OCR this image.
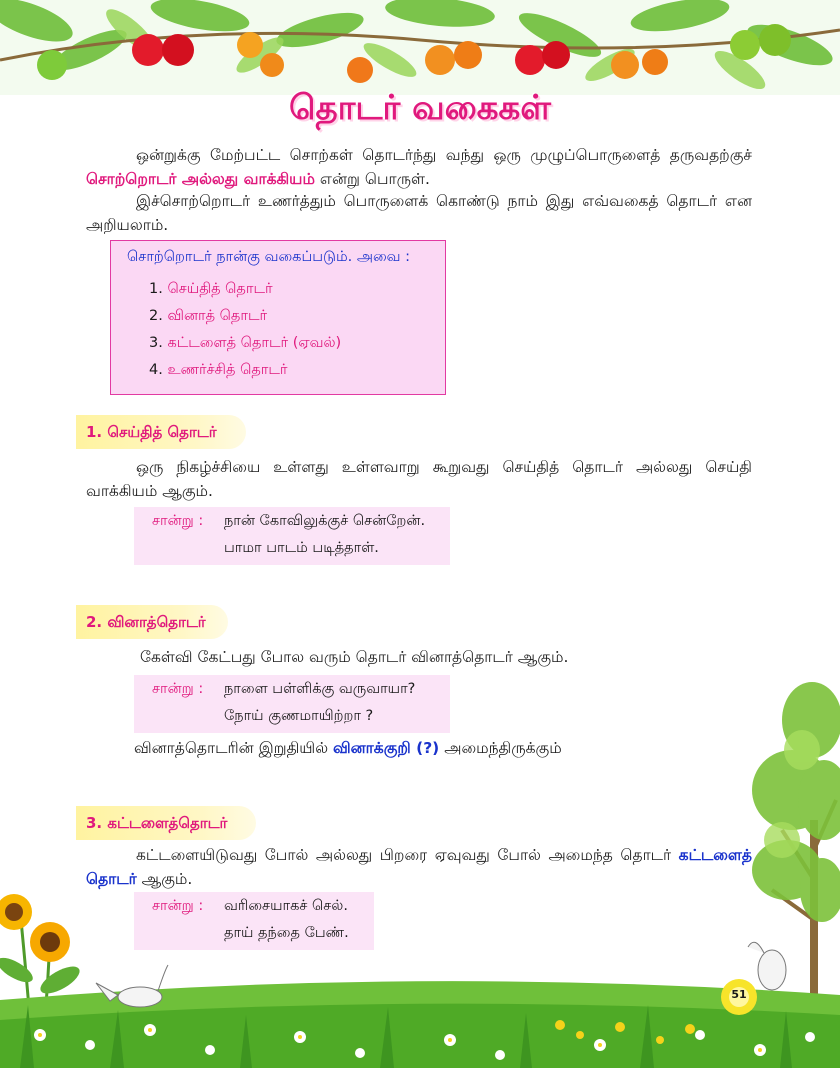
தொடர் வகைகள்
ஒன்றுக்கு மேற்பட்ட சொற்கள் தொடர்ந்து வந்து ஒரு முழுப்பொருளைத் தருவதற்குச் சொற்றொடர் அல்லது வாக்கியம் என்று பொருள்.
இச்சொற்றொடர் உணர்த்தும் பொருளைக் கொண்டு நாம் இது எவ்வகைத் தொடர் என அறியலாம்.
சொற்றொடர் நான்கு வகைப்படும். அவை :
1. செய்தித் தொடர்
2. வினாத் தொடர்
3. கட்டளைத் தொடர் (ஏவல்)
4. உணர்ச்சித் தொடர்
1. செய்தித் தொடர்
ஒரு நிகழ்ச்சியை உள்ளது உள்ளவாறு கூறுவது செய்தித் தொடர் அல்லது செய்தி வாக்கியம் ஆகும்.
சான்று : நான் கோவிலுக்குச் சென்றேன்.
பாமா பாடம் படித்தாள்.
2. வினாத்தொடர்
கேள்வி கேட்பது போல வரும் தொடர் வினாத்தொடர் ஆகும்.
சான்று : நாளை பள்ளிக்கு வருவாயா?
நோய் குணமாயிற்றா ?
வினாத்தொடரின் இறுதியில் வினாக்குறி (?) அமைந்திருக்கும்
3. கட்டளைத்தொடர்
கட்டளையிடுவது போல் அல்லது பிறரை ஏவுவது போல் அமைந்த தொடர் கட்டளைத் தொடர் ஆகும்.
சான்று : வரிசையாகச் செல்.
தாய் தந்தை பேண்.
51
